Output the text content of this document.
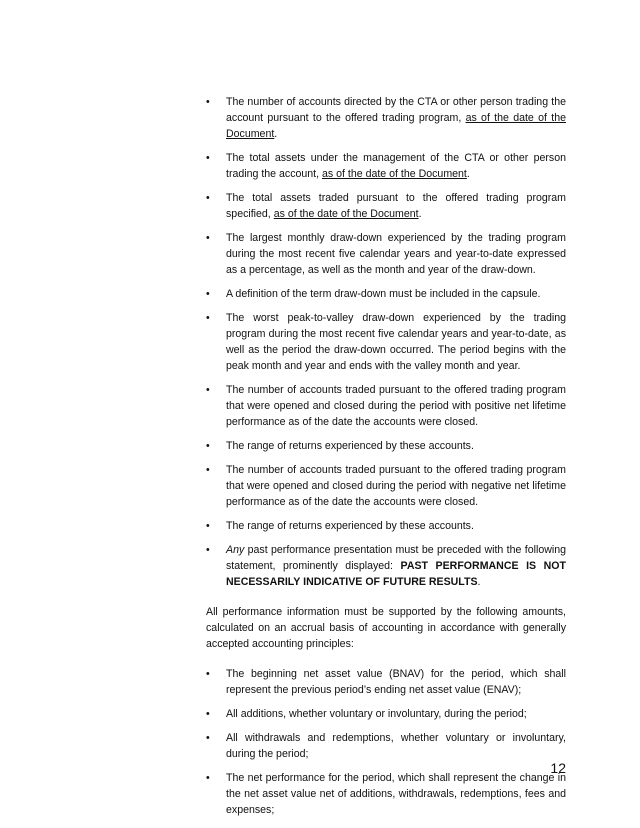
•	The number of accounts directed by the CTA or other person trading the account pursuant to the offered trading program, as of the date of the Document.
•	The total assets under the management of the CTA or other person trading the account, as of the date of the Document.
•	The total assets traded pursuant to the offered trading program specified, as of the date of the Document.
•	The largest monthly draw-down experienced by the trading program during the most recent five calendar years and year-to-date expressed as a percentage, as well as the month and year of the draw-down.
•	A definition of the term draw-down must be included in the capsule.
•	The worst peak-to-valley draw-down experienced by the trading program during the most recent five calendar years and year-to-date, as well as the period the draw-down occurred. The period begins with the peak month and year and ends with the valley month and year.
•	The number of accounts traded pursuant to the offered trading program that were opened and closed during the period with positive net lifetime performance as of the date the accounts were closed.
•	The range of returns experienced by these accounts.
•	The number of accounts traded pursuant to the offered trading program that were opened and closed during the period with negative net lifetime performance as of the date the accounts were closed.
•	The range of returns experienced by these accounts.
•	Any past performance presentation must be preceded with the following statement, prominently displayed: PAST PERFORMANCE IS NOT NECESSARILY INDICATIVE OF FUTURE RESULTS.

All performance information must be supported by the following amounts, calculated on an accrual basis of accounting in accordance with generally accepted accounting principles:

•	The beginning net asset value (BNAV) for the period, which shall represent the previous period’s ending net asset value (ENAV);
•	All additions, whether voluntary or involuntary, during the period;
•	All withdrawals and redemptions, whether voluntary or involuntary, during the period;
•	The net performance for the period, which shall represent the change in the net asset value net of additions, withdrawals, redemptions, fees and expenses;
12
